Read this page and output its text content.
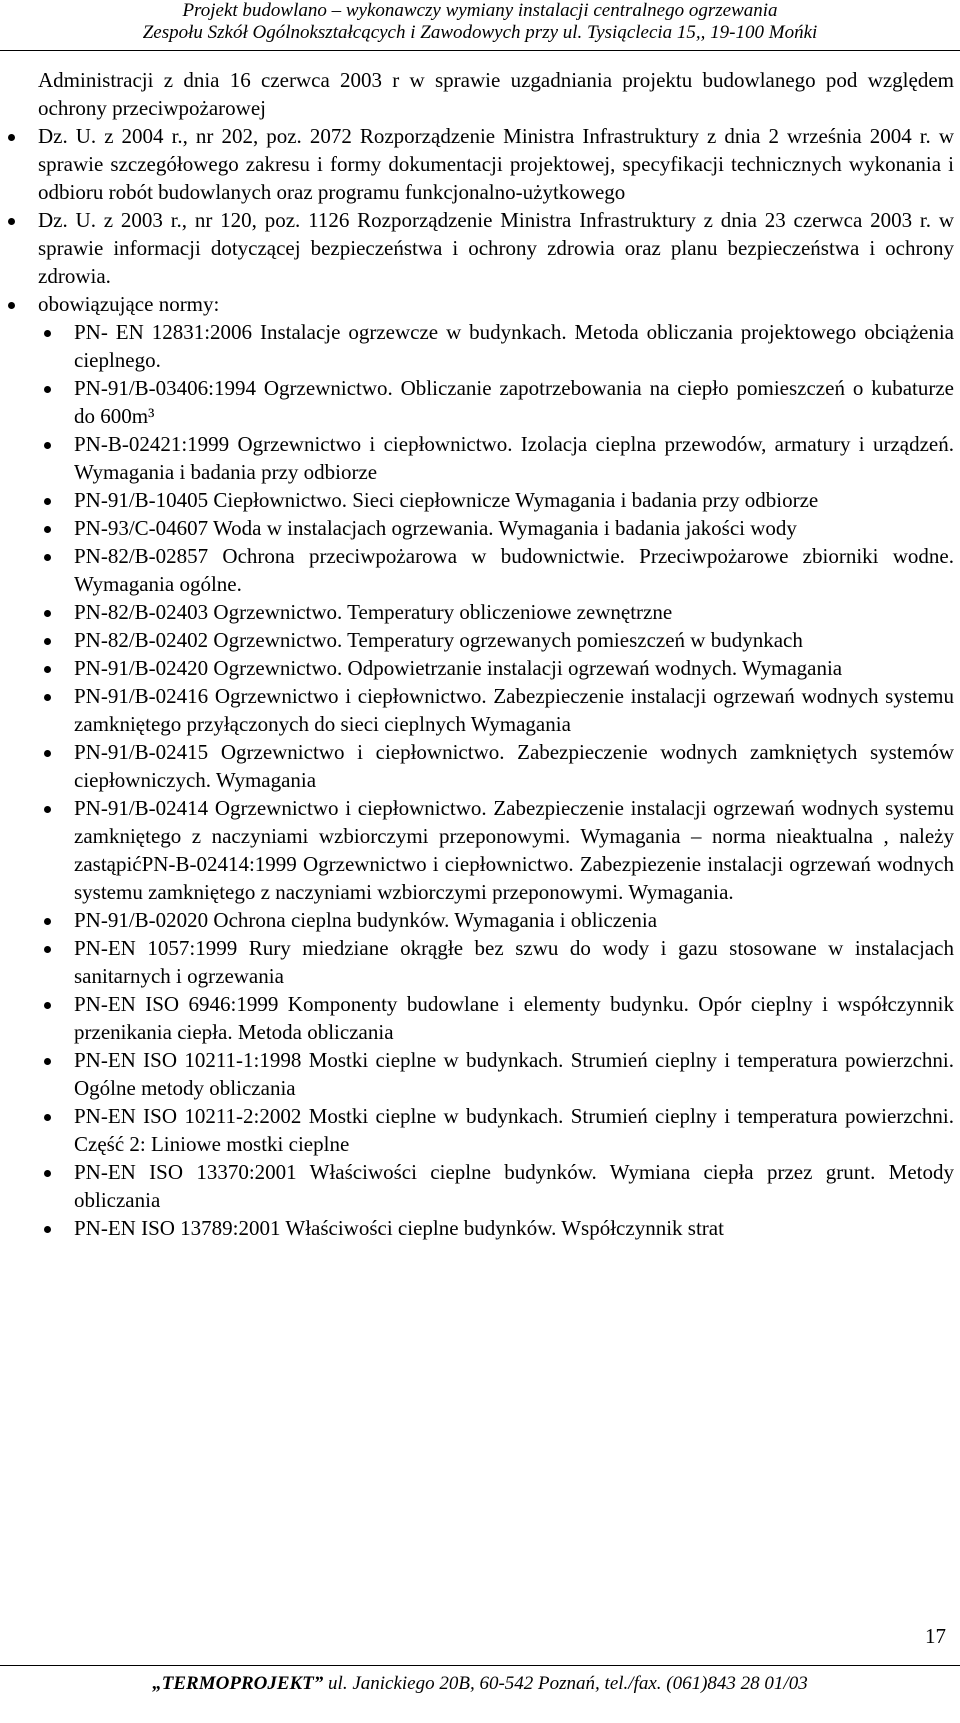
Projekt budowlano – wykonawczy wymiany instalacji centralnego ogrzewania
Zespołu Szkół Ogólnokształcących i Zawodowych przy ul. Tysiąclecia 15,, 19-100 Mońki

Administracji z dnia 16 czerwca 2003 r w sprawie uzgadniania projektu budowlanego pod względem ochrony przeciwpożarowej

Dz. U. z 2004 r., nr 202, poz. 2072 Rozporządzenie Ministra Infrastruktury z dnia 2 września 2004 r. w sprawie szczegółowego zakresu i formy dokumentacji projektowej, specyfikacji technicznych wykonania i odbioru robót budowlanych oraz programu funkcjonalno-użytkowego
Dz. U. z 2003 r., nr 120, poz. 1126 Rozporządzenie Ministra Infrastruktury z dnia 23 czerwca 2003 r. w sprawie informacji dotyczącej bezpieczeństwa i ochrony zdrowia oraz planu bezpieczeństwa i ochrony zdrowia.
obowiązujące normy:
PN- EN 12831:2006 Instalacje ogrzewcze w budynkach. Metoda obliczania projektowego obciążenia cieplnego.
PN-91/B-03406:1994 Ogrzewnictwo. Obliczanie zapotrzebowania na ciepło pomieszczeń o kubaturze do 600m³
PN-B-02421:1999 Ogrzewnictwo i ciepłownictwo. Izolacja cieplna przewodów, armatury i urządzeń. Wymagania i badania przy odbiorze
PN-91/B-10405 Ciepłownictwo. Sieci ciepłownicze Wymagania i badania przy odbiorze
PN-93/C-04607 Woda w instalacjach ogrzewania. Wymagania i badania jakości wody
PN-82/B-02857 Ochrona przeciwpożarowa w budownictwie. Przeciwpożarowe zbiorniki wodne. Wymagania ogólne.
PN-82/B-02403 Ogrzewnictwo. Temperatury obliczeniowe zewnętrzne
PN-82/B-02402 Ogrzewnictwo. Temperatury ogrzewanych pomieszczeń w budynkach
PN-91/B-02420 Ogrzewnictwo. Odpowietrzanie instalacji ogrzewań wodnych. Wymagania
PN-91/B-02416 Ogrzewnictwo i ciepłownictwo. Zabezpieczenie instalacji ogrzewań wodnych systemu zamkniętego przyłączonych do sieci cieplnych Wymagania
PN-91/B-02415 Ogrzewnictwo i ciepłownictwo. Zabezpieczenie wodnych zamkniętych systemów ciepłowniczych. Wymagania
PN-91/B-02414 Ogrzewnictwo i ciepłownictwo. Zabezpieczenie instalacji ogrzewań wodnych systemu zamkniętego z naczyniami wzbiorczymi przeponowymi. Wymagania – norma nieaktualna , należy zastąpićPN-B-02414:1999 Ogrzewnictwo i ciepłownictwo. Zabezpiezenie instalacji ogrzewań wodnych systemu zamkniętego z naczyniami wzbiorczymi przeponowymi. Wymagania.
PN-91/B-02020 Ochrona cieplna budynków. Wymagania i obliczenia
PN-EN 1057:1999 Rury miedziane okrągłe bez szwu do wody i gazu stosowane w instalacjach sanitarnych i ogrzewania
PN-EN ISO 6946:1999 Komponenty budowlane i elementy budynku. Opór cieplny i współczynnik przenikania ciepła. Metoda obliczania
PN-EN ISO 10211-1:1998 Mostki cieplne w budynkach. Strumień cieplny i temperatura powierzchni. Ogólne metody obliczania
PN-EN ISO 10211-2:2002 Mostki cieplne w budynkach. Strumień cieplny i temperatura powierzchni. Część 2: Liniowe mostki cieplne
PN-EN ISO 13370:2001 Właściwości cieplne budynków. Wymiana ciepła przez grunt. Metody obliczania
PN-EN ISO 13789:2001 Właściwości cieplne budynków. Współczynnik strat
17
„TERMOPROJEKT” ul. Janickiego 20B, 60-542 Poznań, tel./fax. (061)843 28 01/03
